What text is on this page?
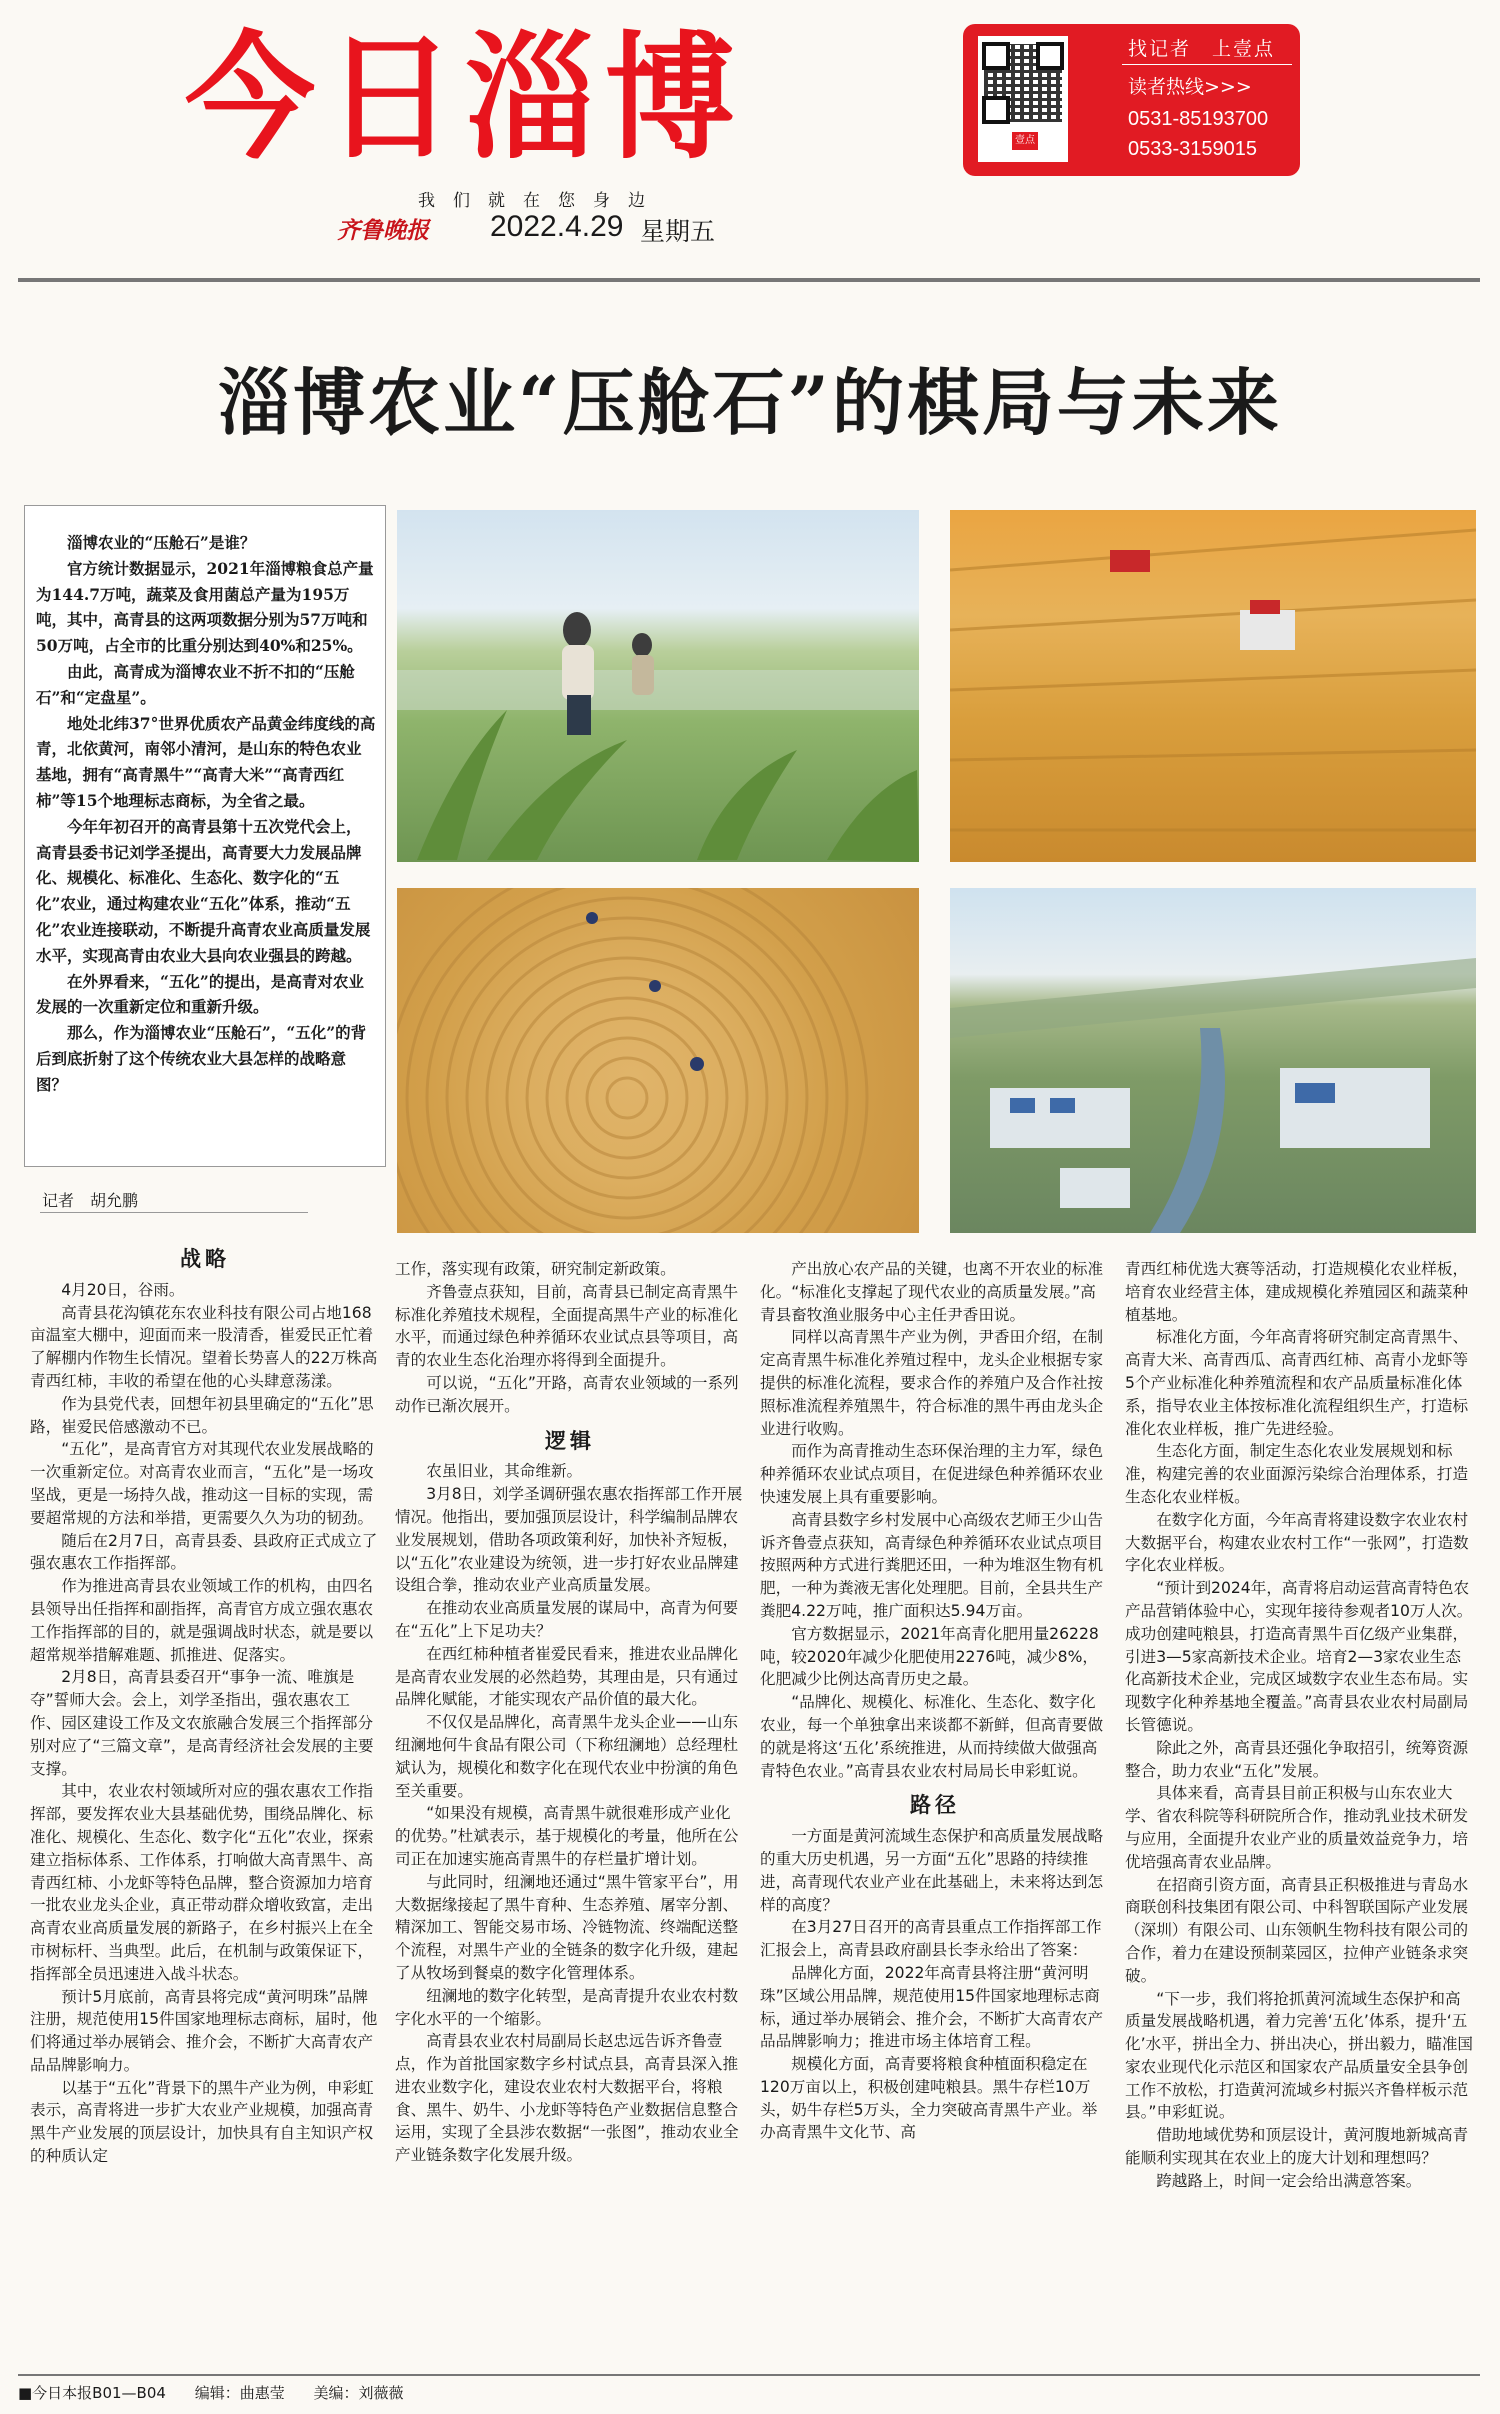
今日淄博
我们就在您身边
齐鲁晚报 2022.4.29 星期五
壹点
找记者　上壹点
读者热线>>>
0531-85193700
0533-3159015
淄博农业“压舱石”的棋局与未来

淄博农业的“压舱石”是谁？

官方统计数据显示，2021年淄博粮食总产量为144.7万吨，蔬菜及食用菌总产量为195万吨，其中，高青县的这两项数据分别为57万吨和50万吨，占全市的比重分别达到40%和25%。

由此，高青成为淄博农业不折不扣的“压舱石”和“定盘星”。

地处北纬37°世界优质农产品黄金纬度线的高青，北依黄河，南邻小清河，是山东的特色农业基地，拥有“高青黑牛”“高青大米”“高青西红柿”等15个地理标志商标，为全省之最。

今年年初召开的高青县第十五次党代会上，高青县委书记刘学圣提出，高青要大力发展品牌化、规模化、标准化、生态化、数字化的“五化”农业，通过构建农业“五化”体系，推动“五化”农业连接联动，不断提升高青农业高质量发展水平，实现高青由农业大县向农业强县的跨越。

在外界看来，“五化”的提出，是高青对农业发展的一次重新定位和重新升级。

那么，作为淄博农业“压舱石”，“五化”的背后到底折射了这个传统农业大县怎样的战略意图？

记者　胡允鹏
战略

4月20日，谷雨。

高青县花沟镇花东农业科技有限公司占地168亩温室大棚中，迎面而来一股清香，崔爱民正忙着了解棚内作物生长情况。望着长势喜人的22万株高青西红柿，丰收的希望在他的心头肆意荡漾。

作为县党代表，回想年初县里确定的“五化”思路，崔爱民倍感激动不已。

“五化”，是高青官方对其现代农业发展战略的一次重新定位。对高青农业而言，“五化”是一场攻坚战，更是一场持久战，推动这一目标的实现，需要超常规的方法和举措，更需要久久为功的韧劲。

随后在2月7日，高青县委、县政府正式成立了强农惠农工作指挥部。

作为推进高青县农业领域工作的机构，由四名县领导出任指挥和副指挥，高青官方成立强农惠农工作指挥部的目的，就是强调战时状态，就是要以超常规举措解难题、抓推进、促落实。

2月8日，高青县委召开“事争一流、唯旗是夺”誓师大会。会上，刘学圣指出，强农惠农工作、园区建设工作及文农旅融合发展三个指挥部分别对应了“三篇文章”，是高青经济社会发展的主要支撑。

其中，农业农村领域所对应的强农惠农工作指挥部，要发挥农业大县基础优势，围绕品牌化、标准化、规模化、生态化、数字化“五化”农业，探索建立指标体系、工作体系，打响做大高青黑牛、高青西红柿、小龙虾等特色品牌，整合资源加力培育一批农业龙头企业，真正带动群众增收致富，走出高青农业高质量发展的新路子，在乡村振兴上在全市树标杆、当典型。此后，在机制与政策保证下，指挥部全员迅速进入战斗状态。

预计5月底前，高青县将完成“黄河明珠”品牌注册，规范使用15件国家地理标志商标，届时，他们将通过举办展销会、推介会，不断扩大高青农产品品牌影响力。

以基于“五化”背景下的黑牛产业为例，申彩虹表示，高青将进一步扩大农业产业规模，加强高青黑牛产业发展的顶层设计，加快具有自主知识产权的种质认定

工作，落实现有政策，研究制定新政策。

齐鲁壹点获知，目前，高青县已制定高青黑牛标准化养殖技术规程，全面提高黑牛产业的标准化水平，而通过绿色种养循环农业试点县等项目，高青的农业生态化治理亦将得到全面提升。

可以说，“五化”开路，高青农业领域的一系列动作已渐次展开。

逻辑

农虽旧业，其命维新。

3月8日，刘学圣调研强农惠农指挥部工作开展情况。他指出，要加强顶层设计，科学编制品牌农业发展规划，借助各项政策利好，加快补齐短板，以“五化”农业建设为统领，进一步打好农业品牌建设组合拳，推动农业产业高质量发展。

在推动农业高质量发展的谋局中，高青为何要在“五化”上下足功夫？

在西红柿种植者崔爱民看来，推进农业品牌化是高青农业发展的必然趋势，其理由是，只有通过品牌化赋能，才能实现农产品价值的最大化。

不仅仅是品牌化，高青黑牛龙头企业——山东纽澜地何牛食品有限公司（下称纽澜地）总经理杜斌认为，规模化和数字化在现代农业中扮演的角色至关重要。

“如果没有规模，高青黑牛就很难形成产业化的优势。”杜斌表示，基于规模化的考量，他所在公司正在加速实施高青黑牛的存栏量扩增计划。

与此同时，纽澜地还通过“黑牛管家平台”，用大数据缘接起了黑牛育种、生态养殖、屠宰分割、精深加工、智能交易市场、冷链物流、终端配送整个流程，对黑牛产业的全链条的数字化升级，建起了从牧场到餐桌的数字化管理体系。

纽澜地的数字化转型，是高青提升农业农村数字化水平的一个缩影。

高青县农业农村局副局长赵忠远告诉齐鲁壹点，作为首批国家数字乡村试点县，高青县深入推进农业数字化，建设农业农村大数据平台，将粮食、黑牛、奶牛、小龙虾等特色产业数据信息整合运用，实现了全县涉农数据“一张图”，推动农业全产业链条数字化发展升级。

产出放心农产品的关键，也离不开农业的标准化。“标准化支撑起了现代农业的高质量发展。”高青县畜牧渔业服务中心主任尹香田说。

同样以高青黑牛产业为例，尹香田介绍，在制定高青黑牛标准化养殖过程中，龙头企业根据专家提供的标准化流程，要求合作的养殖户及合作社按照标准流程养殖黑牛，符合标准的黑牛再由龙头企业进行收购。

而作为高青推动生态环保治理的主力军，绿色种养循环农业试点项目，在促进绿色种养循环农业快速发展上具有重要影响。

高青县数字乡村发展中心高级农艺师王少山告诉齐鲁壹点获知，高青绿色种养循环农业试点项目按照两种方式进行粪肥还田，一种为堆沤生物有机肥，一种为粪液无害化处理肥。目前，全县共生产粪肥4.22万吨，推广面积达5.94万亩。

官方数据显示，2021年高青化肥用量26228吨，较2020年减少化肥使用2276吨，减少8%，化肥减少比例达高青历史之最。

“品牌化、规模化、标准化、生态化、数字化农业，每一个单独拿出来谈都不新鲜，但高青要做的就是将这‘五化’系统推进，从而持续做大做强高青特色农业。”高青县农业农村局局长申彩虹说。

路径

一方面是黄河流域生态保护和高质量发展战略的重大历史机遇，另一方面“五化”思路的持续推进，高青现代农业产业在此基础上，未来将达到怎样的高度？

在3月27日召开的高青县重点工作指挥部工作汇报会上，高青县政府副县长李永给出了答案：

品牌化方面，2022年高青县将注册“黄河明珠”区域公用品牌，规范使用15件国家地理标志商标，通过举办展销会、推介会，不断扩大高青农产品品牌影响力；推进市场主体培育工程。

规模化方面，高青要将粮食种植面积稳定在120万亩以上，积极创建吨粮县。黑牛存栏10万头，奶牛存栏5万头，全力突破高青黑牛产业。举办高青黑牛文化节、高

青西红柿优选大赛等活动，打造规模化农业样板，培育农业经营主体，建成规模化养殖园区和蔬菜种植基地。

标准化方面，今年高青将研究制定高青黑牛、高青大米、高青西瓜、高青西红柿、高青小龙虾等5个产业标准化种养殖流程和农产品质量标准化体系，指导农业主体按标准化流程组织生产，打造标准化农业样板，推广先进经验。

生态化方面，制定生态化农业发展规划和标准，构建完善的农业面源污染综合治理体系，打造生态化农业样板。

在数字化方面，今年高青将建设数字农业农村大数据平台，构建农业农村工作“一张网”，打造数字化农业样板。

“预计到2024年，高青将启动运营高青特色农产品营销体验中心，实现年接待参观者10万人次。成功创建吨粮县，打造高青黑牛百亿级产业集群，引进3—5家高新技术企业。培育2—3家农业生态化高新技术企业，完成区域数字农业生态布局。实现数字化种养基地全覆盖。”高青县农业农村局副局长管德说。

除此之外，高青县还强化争取招引，统筹资源整合，助力农业“五化”发展。

具体来看，高青县目前正积极与山东农业大学、省农科院等科研院所合作，推动乳业技术研发与应用，全面提升农业产业的质量效益竞争力，培优培强高青农业品牌。

在招商引资方面，高青县正积极推进与青岛水商联创科技集团有限公司、中科智联国际产业发展（深圳）有限公司、山东领帆生物科技有限公司的合作，着力在建设预制菜园区，拉伸产业链条求突破。

“下一步，我们将抢抓黄河流域生态保护和高质量发展战略机遇，着力完善‘五化’体系，提升‘五化’水平，拼出全力、拼出决心，拼出毅力，瞄准国家农业现代化示范区和国家农产品质量安全县争创工作不放松，打造黄河流域乡村振兴齐鲁样板示范县。”申彩虹说。

借助地域优势和顶层设计，黄河腹地新城高青能顺利实现其在农业上的庞大计划和理想吗？

跨越路上，时间一定会给出满意答案。

■今日本报B01—B04 编辑：曲惠莹 美编：刘薇薇
